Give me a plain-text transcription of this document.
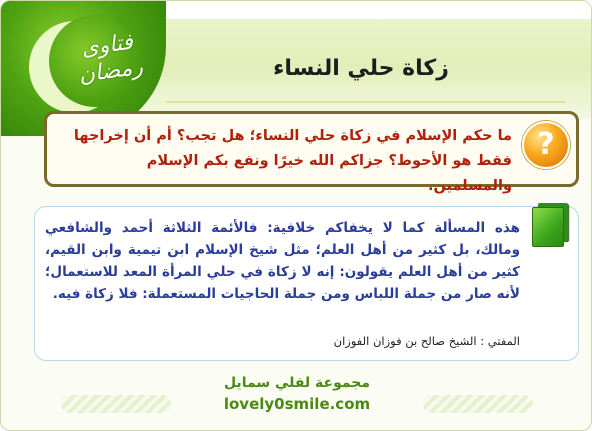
فتاوى رمضان	زكاة حلي النساء
?
ما حكم الإسلام في زكاة حلي النساء؛ هل تجب؟ أم أن إخراجها فقط هو الأحوط؟ جزاكم الله خيرًا ونفع بكم الإسلام والمسلمين.
هذه المسألة كما لا يخفاكم خلافية: فالأئمة الثلاثة أحمد والشافعي ومالك، بل كثير من أهل العلم؛ مثل شيخ الإسلام ابن تيمية وابن القيم، كثير من أهل العلم يقولون: إنه لا زكاة في حلي المرأة المعد للاستعمال؛ لأنه صار من جملة اللباس ومن جملة الحاجيات المستعملة: فلا زكاة فيه.
المفتي : الشيخ صالح بن فوزان الفوزان
مجموعة لفلي سمايل
lovely0smile.com
